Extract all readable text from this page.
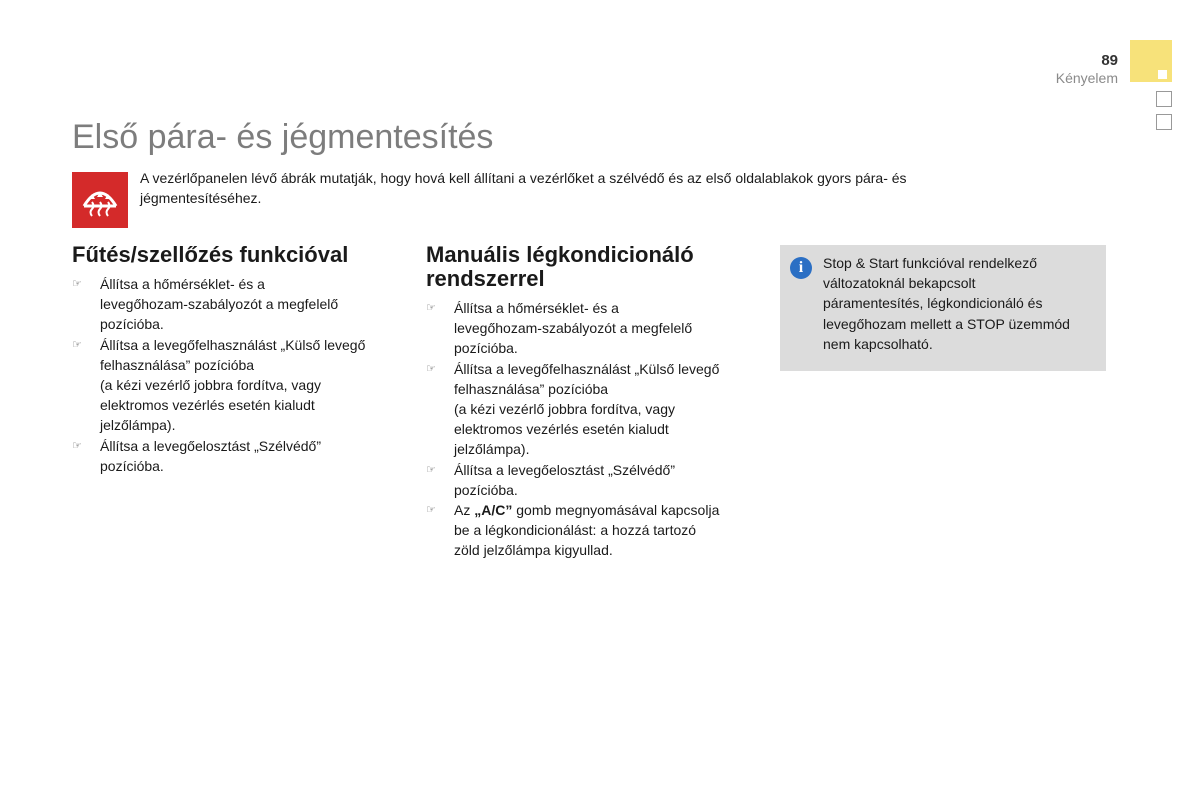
89
Kényelem
Első pára- és jégmentesítés

A vezérlőpanelen lévő ábrák mutatják, hogy hová kell állítani a vezérlőket a szélvédő és az első oldalablakok gyors pára- és jégmentesítéséhez.

Fűtés/szellőzés funkcióval
☞ Állítsa a hőmérséklet- és a
levegőhozam-szabályozót a megfelelő
pozícióba.
☞ Állítsa a levegőfelhasználást „Külső levegő
felhasználása” pozícióba
(a kézi vezérlő jobbra fordítva, vagy
elektromos vezérlés esetén kialudt
jelzőlámpa).
☞ Állítsa a levegőelosztást „Szélvédő”
pozícióba.
Manuális légkondicionáló
rendszerrel
☞ Állítsa a hőmérséklet- és a
levegőhozam-szabályozót a megfelelő
pozícióba.
☞ Állítsa a levegőfelhasználást „Külső levegő
felhasználása” pozícióba
(a kézi vezérlő jobbra fordítva, vagy
elektromos vezérlés esetén kialudt
jelzőlámpa).
☞ Állítsa a levegőelosztást „Szélvédő”
pozícióba.
☞ Az „A/C” gomb megnyomásával kapcsolja
be a légkondicionálást: a hozzá tartozó
zöld jelzőlámpa kigyullad.
i	Stop & Start funkcióval rendelkező
változatoknál bekapcsolt
páramentesítés, légkondicionáló és
levegőhozam mellett a STOP üzemmód
nem kapcsolható.
